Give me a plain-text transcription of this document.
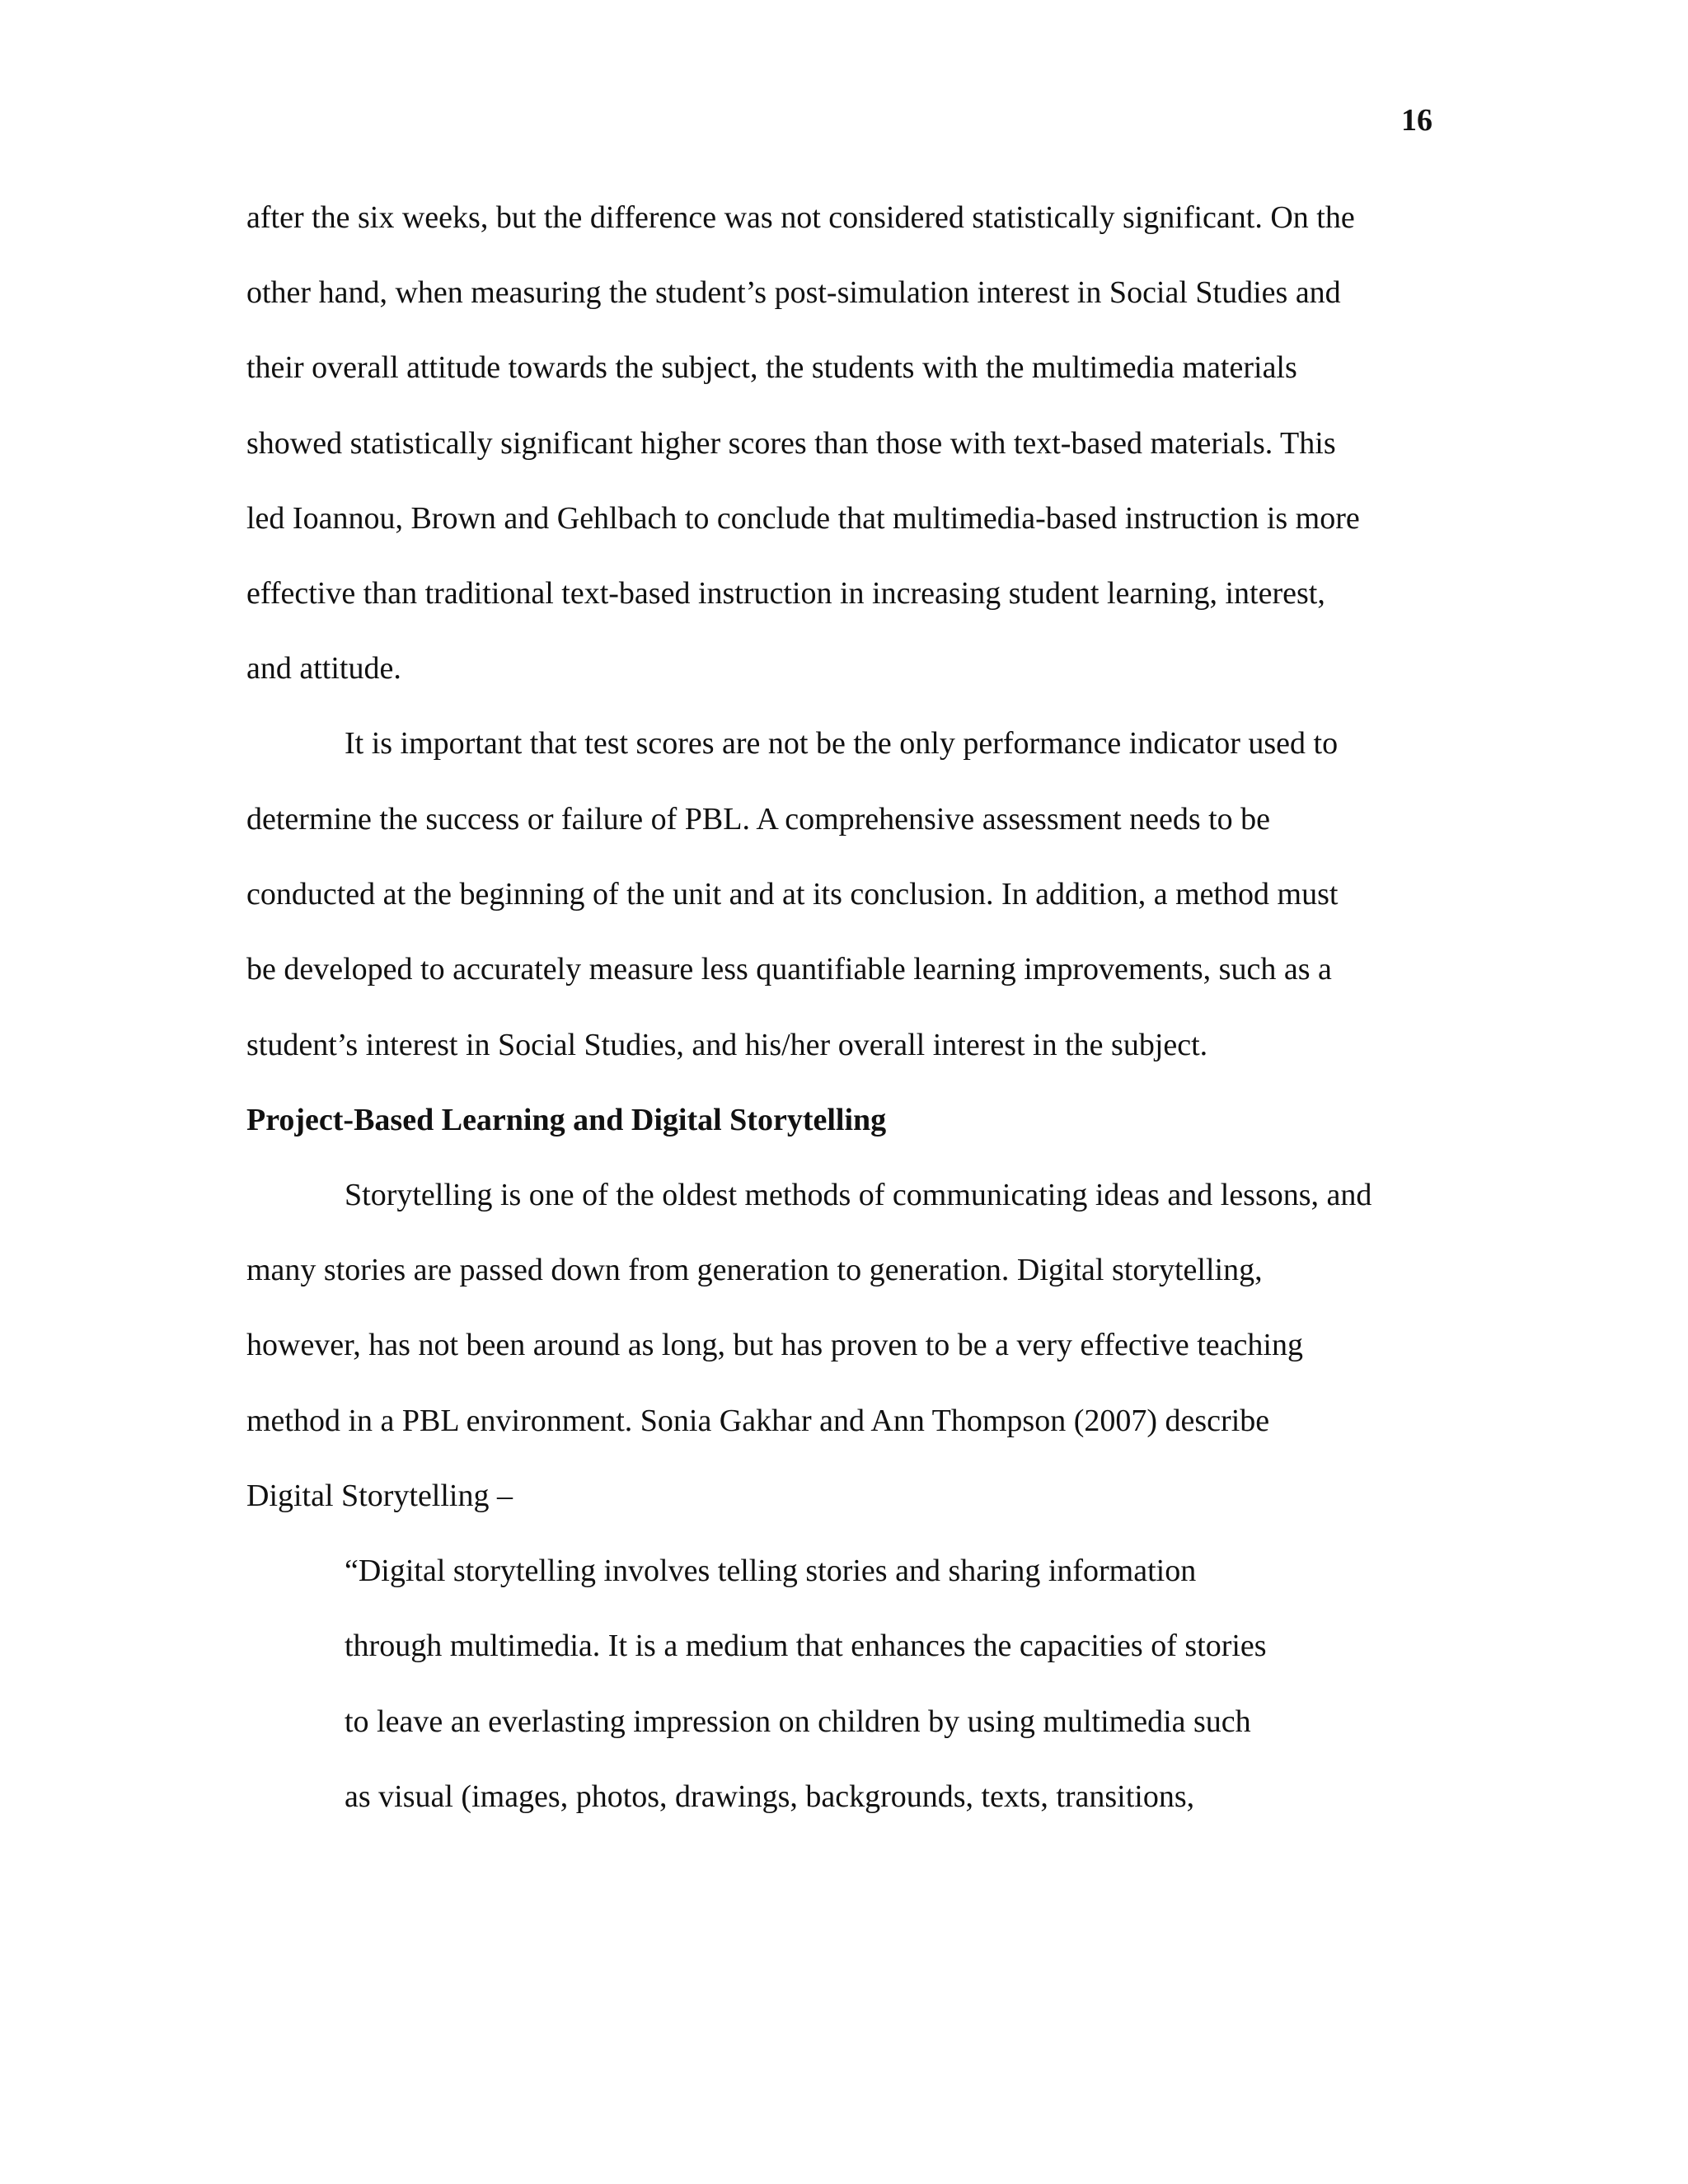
16
after the six weeks, but the difference was not considered statistically significant. On the
other hand, when measuring the student’s post-simulation interest in Social Studies and
their overall attitude towards the subject, the students with the multimedia materials
showed statistically significant higher scores than those with text-based materials. This
led Ioannou, Brown and Gehlbach to conclude that multimedia-based instruction is more
effective than traditional text-based instruction in increasing student learning, interest,
and attitude.
It is important that test scores are not be the only performance indicator used to
determine the success or failure of PBL. A comprehensive assessment needs to be
conducted at the beginning of the unit and at its conclusion. In addition, a method must
be developed to accurately measure less quantifiable learning improvements, such as a
student’s interest in Social Studies, and his/her overall interest in the subject.
Project-Based Learning and Digital Storytelling
Storytelling is one of the oldest methods of communicating ideas and lessons, and
many stories are passed down from generation to generation. Digital storytelling,
however, has not been around as long, but has proven to be a very effective teaching
method in a PBL environment. Sonia Gakhar and Ann Thompson (2007) describe
Digital Storytelling –
“Digital storytelling involves telling stories and sharing information
through multimedia. It is a medium that enhances the capacities of stories
to leave an everlasting impression on children by using multimedia such
as visual (images, photos, drawings, backgrounds, texts, transitions,
